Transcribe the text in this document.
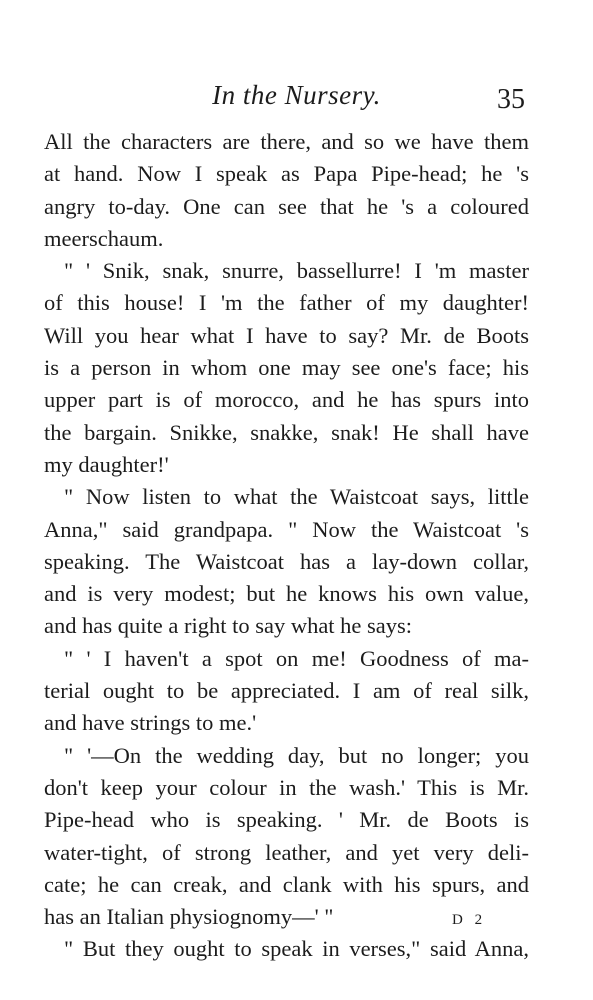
In the Nursery.	35
All the characters are there, and so we have them
at hand. Now I speak as Papa Pipe-head; he 's
angry to-day. One can see that he 's a coloured
meerschaum.
" ' Snik, snak, snurre, bassellurre! I 'm master
of this house! I 'm the father of my daughter!
Will you hear what I have to say? Mr. de Boots
is a person in whom one may see one's face; his
upper part is of morocco, and he has spurs into
the bargain. Snikke, snakke, snak! He shall have
my daughter!'
" Now listen to what the Waistcoat says, little
Anna," said grandpapa. " Now the Waistcoat 's
speaking. The Waistcoat has a lay-down collar,
and is very modest; but he knows his own value,
and has quite a right to say what he says:
" ' I haven't a spot on me! Goodness of ma-
terial ought to be appreciated. I am of real silk,
and have strings to me.'
" '—On the wedding day, but no longer; you
don't keep your colour in the wash.' This is Mr.
Pipe-head who is speaking. ' Mr. de Boots is
water-tight, of strong leather, and yet very deli-
cate; he can creak, and clank with his spurs, and
has an Italian physiognomy—' "
" But they ought to speak in verses," said Anna,
D 2
